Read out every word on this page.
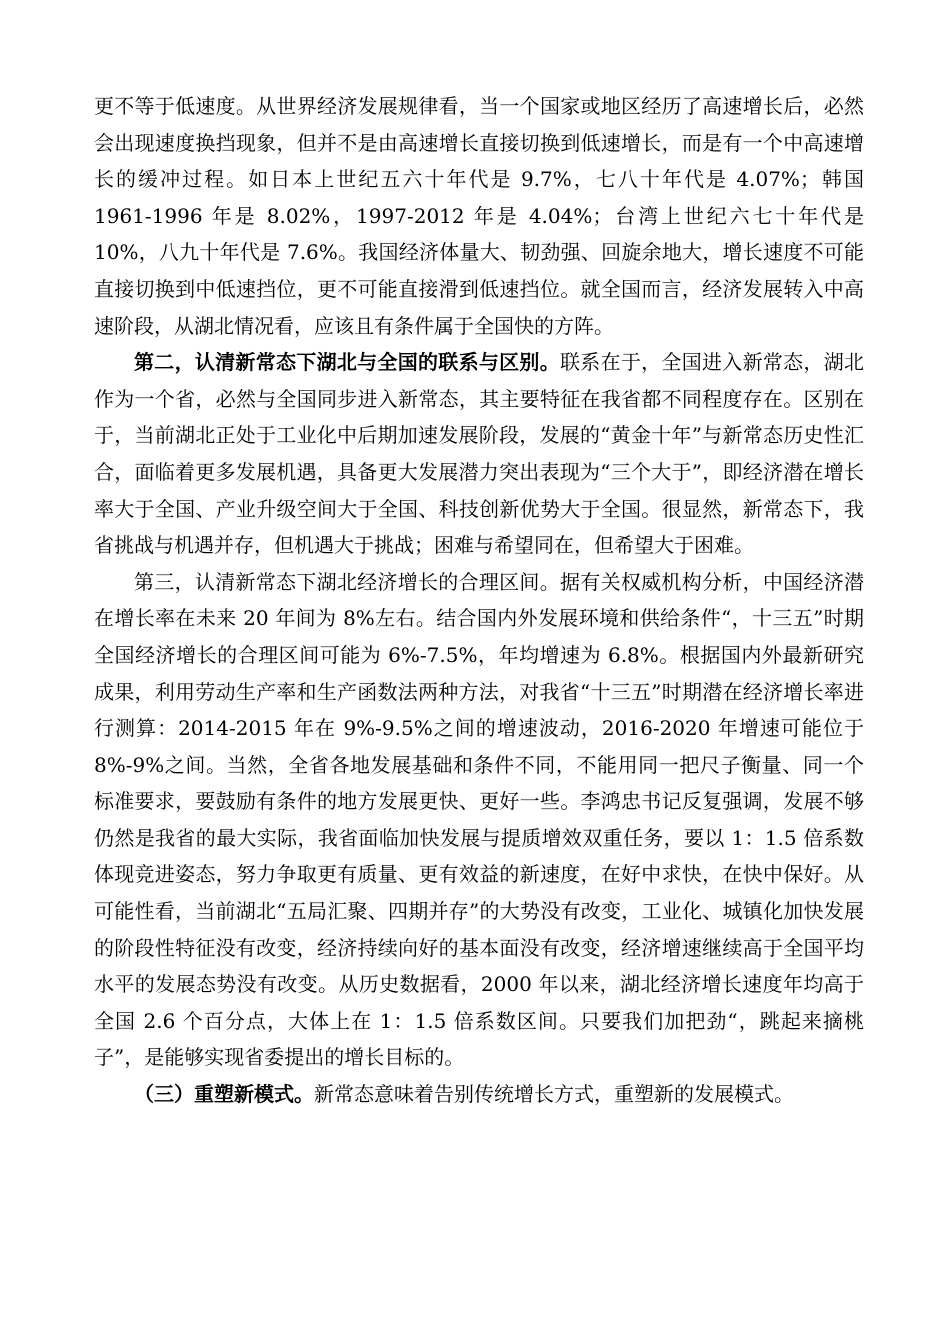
更不等于低速度。从世界经济发展规律看，当一个国家或地区经历了高速增长后，必然会出现速度换挡现象，但并不是由高速增长直接切换到低速增长，而是有一个中高速增长的缓冲过程。如日本上世纪五六十年代是 9.7%，七八十年代是 4.07%；韩国 1961-1996 年是 8.02%，1997-2012 年是 4.04%；台湾上世纪六七十年代是 10%，八九十年代是 7.6%。我国经济体量大、韧劲强、回旋余地大，增长速度不可能直接切换到中低速挡位，更不可能直接滑到低速挡位。就全国而言，经济发展转入中高速阶段，从湖北情况看，应该且有条件属于全国快的方阵。

第二，认清新常态下湖北与全国的联系与区别。联系在于，全国进入新常态，湖北作为一个省，必然与全国同步进入新常态，其主要特征在我省都不同程度存在。区别在于，当前湖北正处于工业化中后期加速发展阶段，发展的“黄金十年”与新常态历史性汇合，面临着更多发展机遇，具备更大发展潜力突出表现为“三个大于”，即经济潜在增长率大于全国、产业升级空间大于全国、科技创新优势大于全国。很显然，新常态下，我省挑战与机遇并存，但机遇大于挑战；困难与希望同在，但希望大于困难。

第三，认清新常态下湖北经济增长的合理区间。据有关权威机构分析，中国经济潜在增长率在未来 20 年间为 8%左右。结合国内外发展环境和供给条件“，十三五”时期全国经济增长的合理区间可能为 6%-7.5%，年均增速为 6.8%。根据国内外最新研究成果，利用劳动生产率和生产函数法两种方法，对我省“十三五”时期潜在经济增长率进行测算：2014-2015 年在 9%-9.5%之间的增速波动，2016-2020 年增速可能位于 8%-9%之间。当然，全省各地发展基础和条件不同，不能用同一把尺子衡量、同一个标准要求，要鼓励有条件的地方发展更快、更好一些。李鸿忠书记反复强调，发展不够仍然是我省的最大实际，我省面临加快发展与提质增效双重任务，要以 1：1.5 倍系数体现竞进姿态，努力争取更有质量、更有效益的新速度，在好中求快，在快中保好。从可能性看，当前湖北“五局汇聚、四期并存”的大势没有改变，工业化、城镇化加快发展的阶段性特征没有改变，经济持续向好的基本面没有改变，经济增速继续高于全国平均水平的发展态势没有改变。从历史数据看，2000 年以来，湖北经济增长速度年均高于全国 2.6 个百分点，大体上在 1：1.5 倍系数区间。只要我们加把劲“，跳起来摘桃子”，是能够实现省委提出的增长目标的。

（三）重塑新模式。新常态意味着告别传统增长方式，重塑新的发展模式。
